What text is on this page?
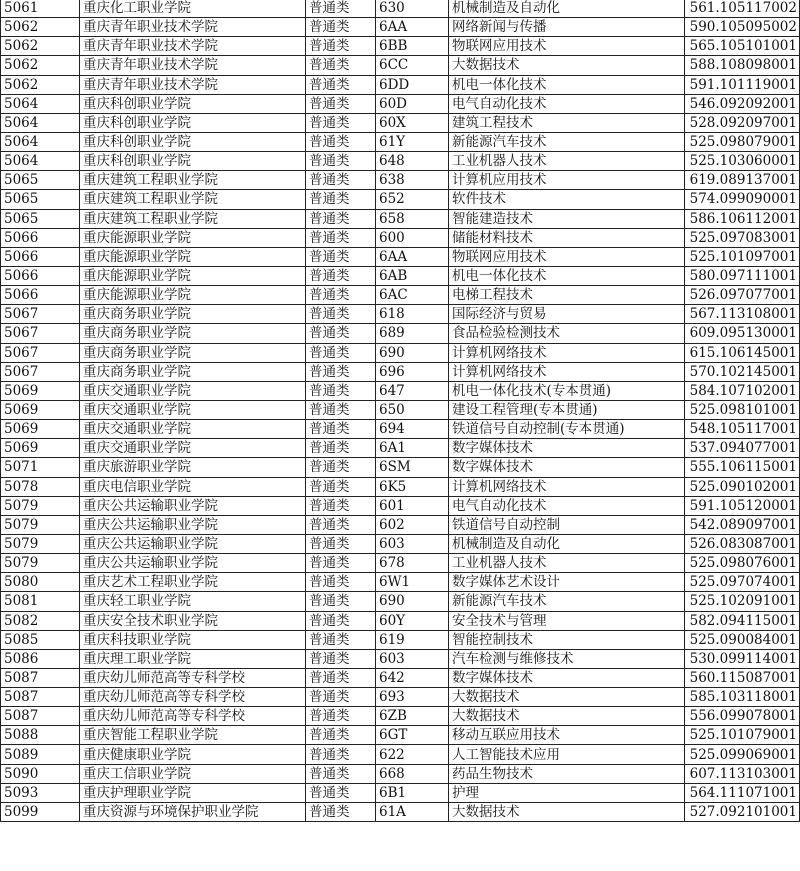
5061	重庆化工职业学院	普通类	630	机械制造及自动化	561.105117002
5062	重庆青年职业技术学院	普通类	6AA	网络新闻与传播	590.105095002
5062	重庆青年职业技术学院	普通类	6BB	物联网应用技术	565.105101001
5062	重庆青年职业技术学院	普通类	6CC	大数据技术	588.108098001
5062	重庆青年职业技术学院	普通类	6DD	机电一体化技术	591.101119001
5064	重庆科创职业学院	普通类	60D	电气自动化技术	546.092092001
5064	重庆科创职业学院	普通类	60X	建筑工程技术	528.092097001
5064	重庆科创职业学院	普通类	61Y	新能源汽车技术	525.098079001
5064	重庆科创职业学院	普通类	648	工业机器人技术	525.103060001
5065	重庆建筑工程职业学院	普通类	638	计算机应用技术	619.089137001
5065	重庆建筑工程职业学院	普通类	652	软件技术	574.099090001
5065	重庆建筑工程职业学院	普通类	658	智能建造技术	586.106112001
5066	重庆能源职业学院	普通类	600	储能材料技术	525.097083001
5066	重庆能源职业学院	普通类	6AA	物联网应用技术	525.101097001
5066	重庆能源职业学院	普通类	6AB	机电一体化技术	580.097111001
5066	重庆能源职业学院	普通类	6AC	电梯工程技术	526.097077001
5067	重庆商务职业学院	普通类	618	国际经济与贸易	567.113108001
5067	重庆商务职业学院	普通类	689	食品检验检测技术	609.095130001
5067	重庆商务职业学院	普通类	690	计算机网络技术	615.106145001
5067	重庆商务职业学院	普通类	696	计算机网络技术	570.102145001
5069	重庆交通职业学院	普通类	647	机电一体化技术(专本贯通)	584.107102001
5069	重庆交通职业学院	普通类	650	建设工程管理(专本贯通)	525.098101001
5069	重庆交通职业学院	普通类	694	铁道信号自动控制(专本贯通)	548.105117001
5069	重庆交通职业学院	普通类	6A1	数字媒体技术	537.094077001
5071	重庆旅游职业学院	普通类	6SM	数字媒体技术	555.106115001
5078	重庆电信职业学院	普通类	6K5	计算机网络技术	525.090102001
5079	重庆公共运输职业学院	普通类	601	电气自动化技术	591.105120001
5079	重庆公共运输职业学院	普通类	602	铁道信号自动控制	542.089097001
5079	重庆公共运输职业学院	普通类	603	机械制造及自动化	526.083087001
5079	重庆公共运输职业学院	普通类	678	工业机器人技术	525.098076001
5080	重庆艺术工程职业学院	普通类	6W1	数字媒体艺术设计	525.097074001
5081	重庆轻工职业学院	普通类	690	新能源汽车技术	525.102091001
5082	重庆安全技术职业学院	普通类	60Y	安全技术与管理	582.094115001
5085	重庆科技职业学院	普通类	619	智能控制技术	525.090084001
5086	重庆理工职业学院	普通类	603	汽车检测与维修技术	530.099114001
5087	重庆幼儿师范高等专科学校	普通类	642	数字媒体技术	560.115087001
5087	重庆幼儿师范高等专科学校	普通类	693	大数据技术	585.103118001
5087	重庆幼儿师范高等专科学校	普通类	6ZB	大数据技术	556.099078001
5088	重庆智能工程职业学院	普通类	6GT	移动互联应用技术	525.101079001
5089	重庆健康职业学院	普通类	622	人工智能技术应用	525.099069001
5090	重庆工信职业学院	普通类	668	药品生物技术	607.113103001
5093	重庆护理职业学院	普通类	6B1	护理	564.111071001
5099	重庆资源与环境保护职业学院	普通类	61A	大数据技术	527.092101001
